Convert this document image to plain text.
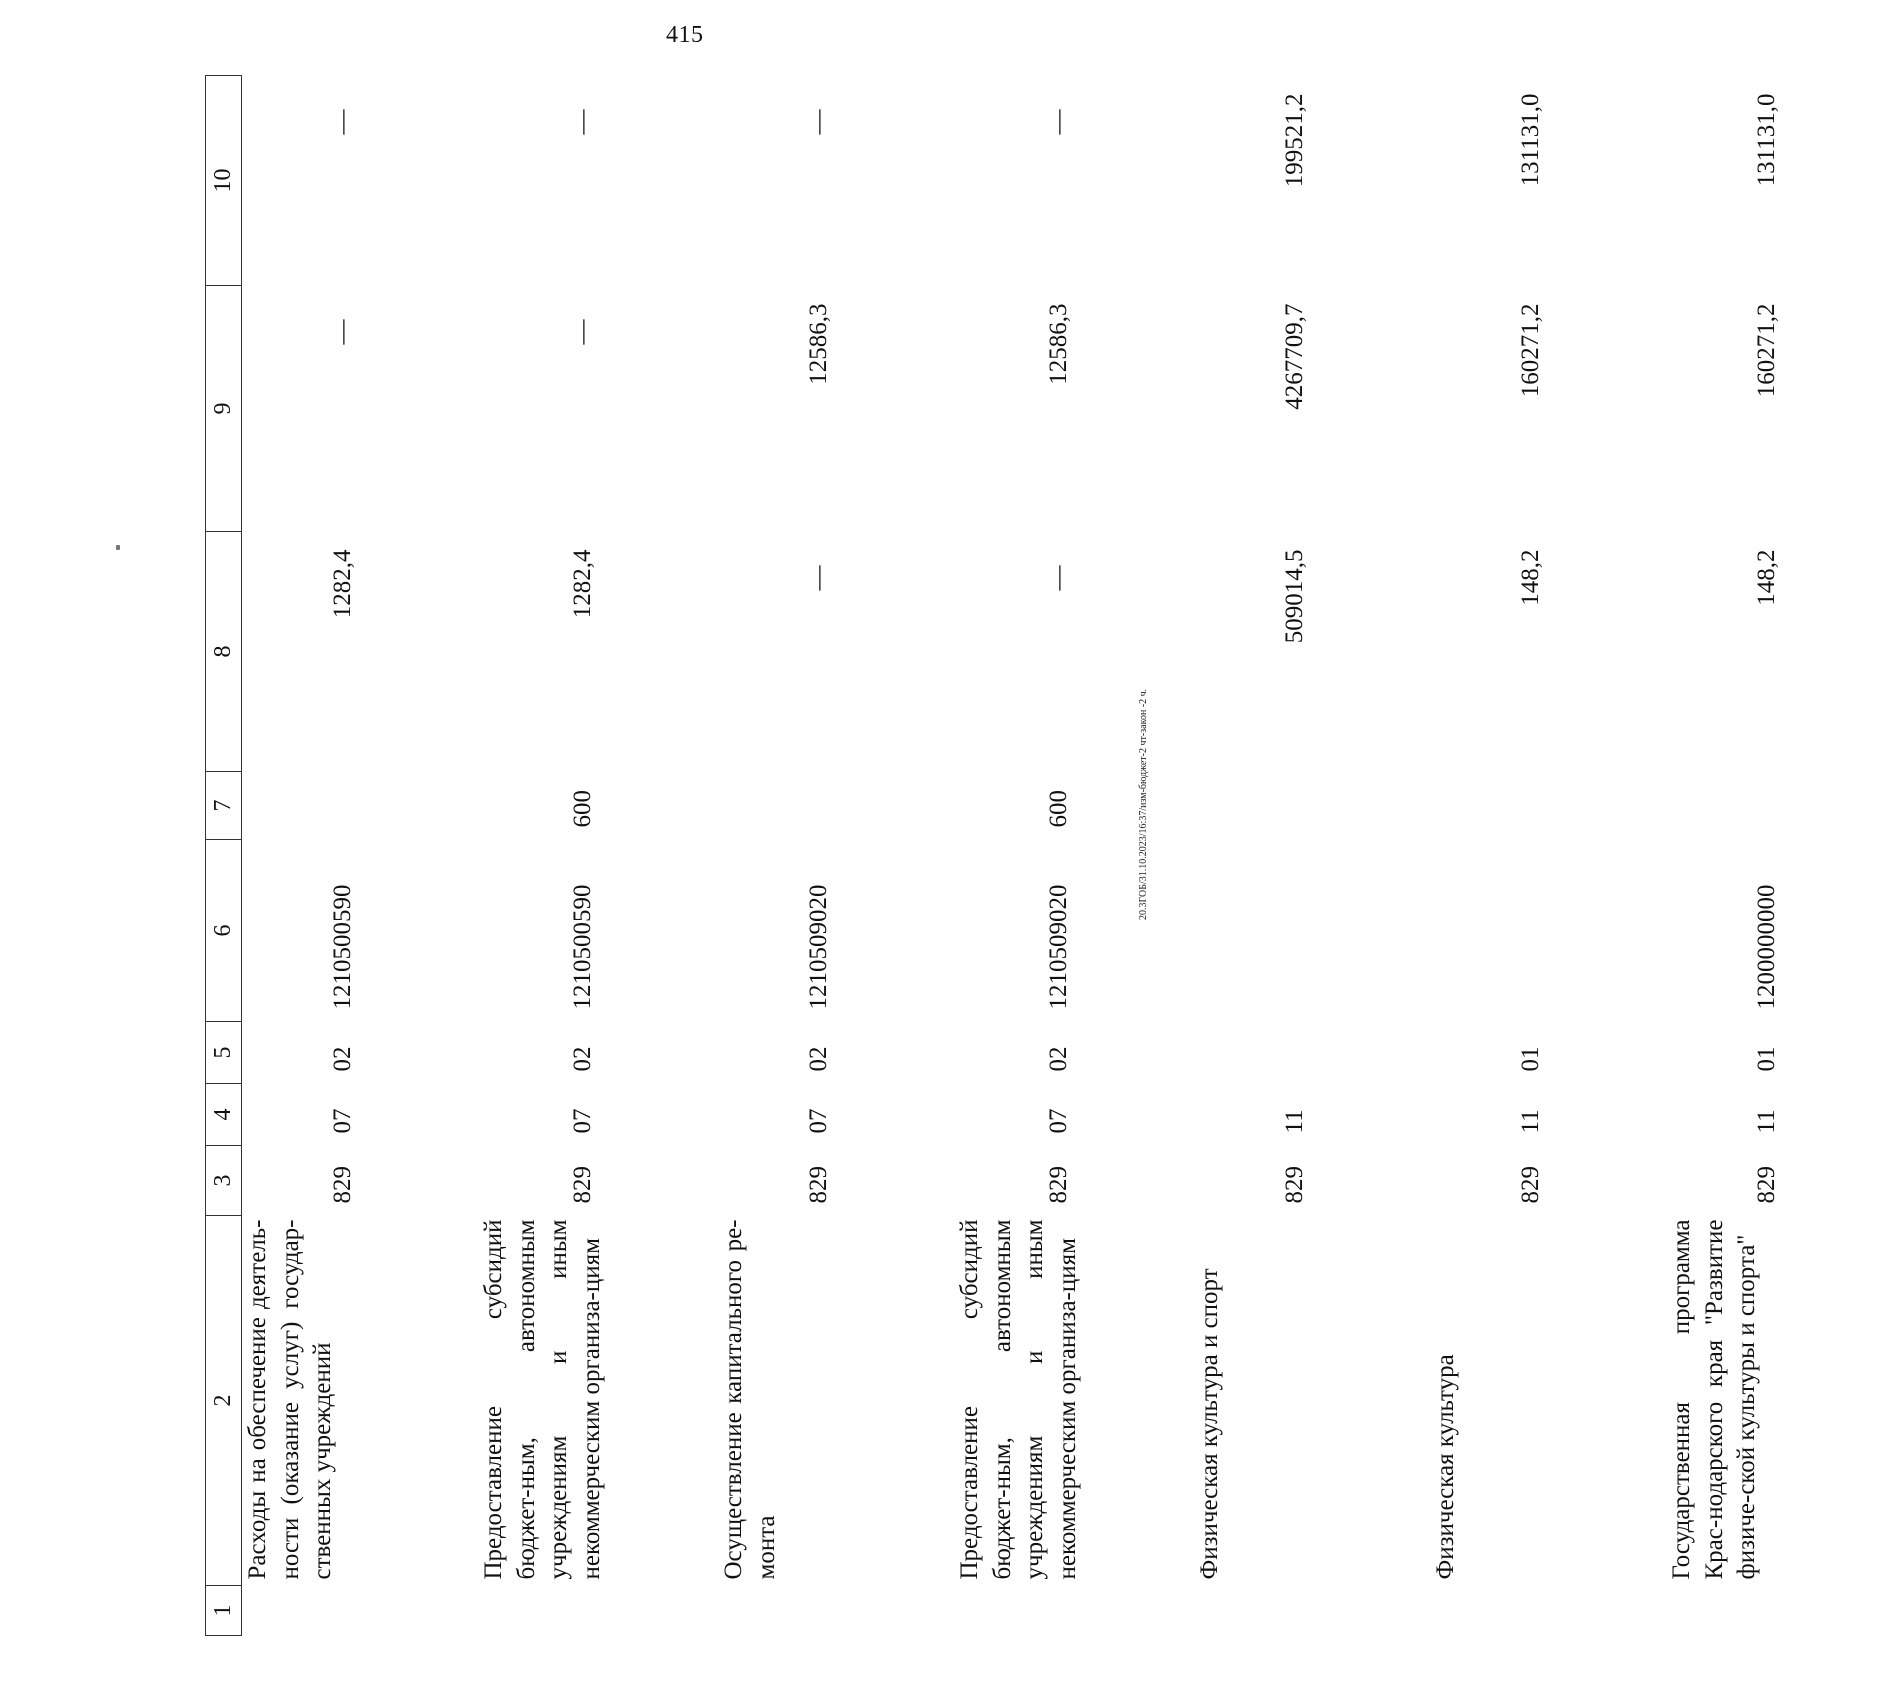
415
1	2	3	4	5	6	7	8	9	10
	Расходы на обеспечение деятель-ности (оказание услуг) государ-ственных учреждений	829	07	02	1210500590		1282,4	—	—
	Предоставление субсидий бюджет-ным, автономным учреждениям и иным некоммерческим организа-циям	829	07	02	1210500590	600	1282,4	—	—
	Осуществление капитального ре-монта	829	07	02	1210509020		—	12586,3	—
	Предоставление субсидий бюджет-ным, автономным учреждениям и иным некоммерческим организа-циям	829	07	02	1210509020	600	—	12586,3	—
	Физическая культура и спорт	829	11				509014,5	4267709,7	199521,2
	Физическая культура	829	11	01			148,2	160271,2	131131,0
	Государственная программа Крас-нодарского края "Развитие физиче-ской культуры и спорта"	829	11	01	1200000000		148,2	160271,2	131131,0
20.3ГОБ/31.10.2023/16:37/изм-бюджет-2 чт-закон -2 ч.
